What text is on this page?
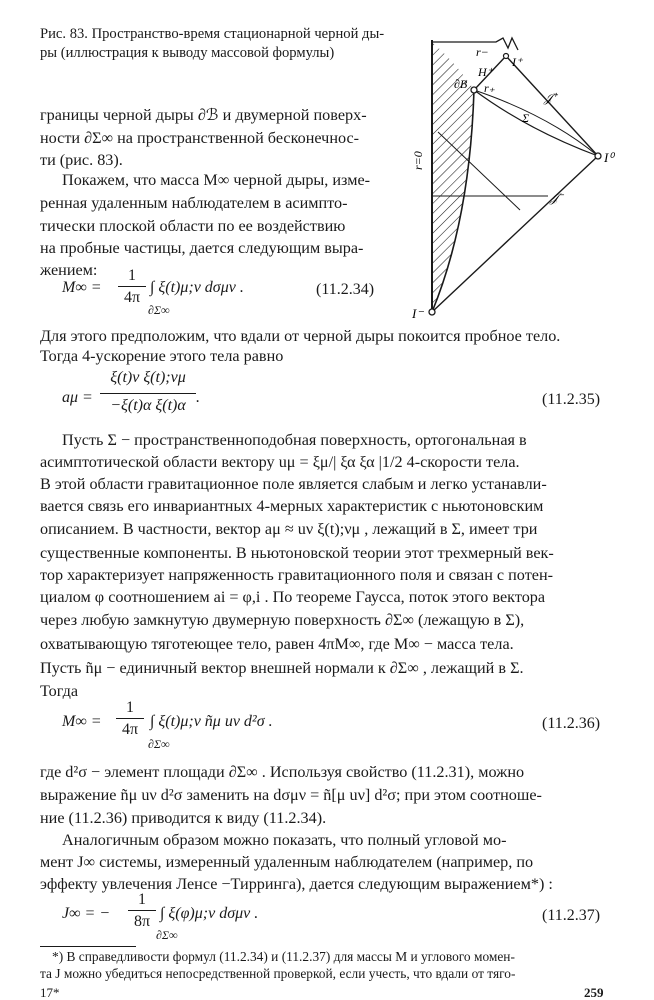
Рис. 83. Пространство-время стационарной черной ды-
ры (иллюстрация к выводу массовой формулы)	r−
I⁺
H⁺
r₊
∂B
𝒥⁺
Σ
I⁰
𝒥⁻
r=0
I⁻
границы черной дыры ∂ℬ и двумерной поверх-
ности ∂Σ∞ на пространственной бесконечнос-
ти (рис. 83).
Покажем, что масса M∞ черной дыры, изме-
ренная удаленным наблюдателем в асимпто-
тически плоской области по ее воздействию
на пробные частицы, дается следующим выра-
жением:
M∞ =
1
4π
∫ ξ(t)μ;ν dσμν .
∂Σ∞
(11.2.34)
Для этого предположим, что вдали от черной дыры покоится пробное тело.
Тогда 4-ускорение этого тела равно
aμ =
ξ(t)ν ξ(t);νμ
−ξ(t)α ξ(t)α .	(11.2.35)
Пусть Σ − пространственноподобная поверхность, ортогональная в
асимптотической области вектору uμ = ξμ/| ξα ξα |1/2 4-скорости тела.
В этой области гравитационное поле является слабым и легко устанавли-
вается связь его инвариантных 4-мерных характеристик с ньютоновским
описанием. В частности, вектор aμ ≈ uν ξ(t);νμ , лежащий в Σ, имеет три
существенные компоненты. В ньютоновской теории этот трехмерный век-
тор характеризует напряженность гравитационного поля и связан с потен-
циалом φ соотношением ai = φ,i . По теореме Гаусса, поток этого вектора
через любую замкнутую двумерную поверхность ∂Σ∞ (лежащую в Σ),
охватывающую тяготеющее тело, равен 4πM∞, где M∞ − масса тела.
Пусть ñμ − единичный вектор внешней нормали к ∂Σ∞ , лежащий в Σ.
Тогда
M∞ =
1
4π ∫ ξ(t)μ;ν ñμ uν d²σ .
∂Σ∞
(11.2.36)
где d²σ − элемент площади ∂Σ∞ . Используя свойство (11.2.31), можно
выражение ñμ uν d²σ заменить на dσμν = ñ[μ uν] d²σ; при этом соотноше-
ние (11.2.36) приводится к виду (11.2.34).
Аналогичным образом можно показать, что полный угловой мо-
мент J∞ системы, измеренный удаленным наблюдателем (например, по
эффекту увлечения Ленсе −Тирринга), дается следующим выражением*) :
J∞ = −
1
8π ∫ ξ(φ)μ;ν dσμν .
∂Σ∞
(11.2.37)
*) В справедливости формул (11.2.34) и (11.2.37) для массы M и углового момен-
та J можно убедиться непосредственной проверкой, если учесть, что вдали от тяго-
17*	259
